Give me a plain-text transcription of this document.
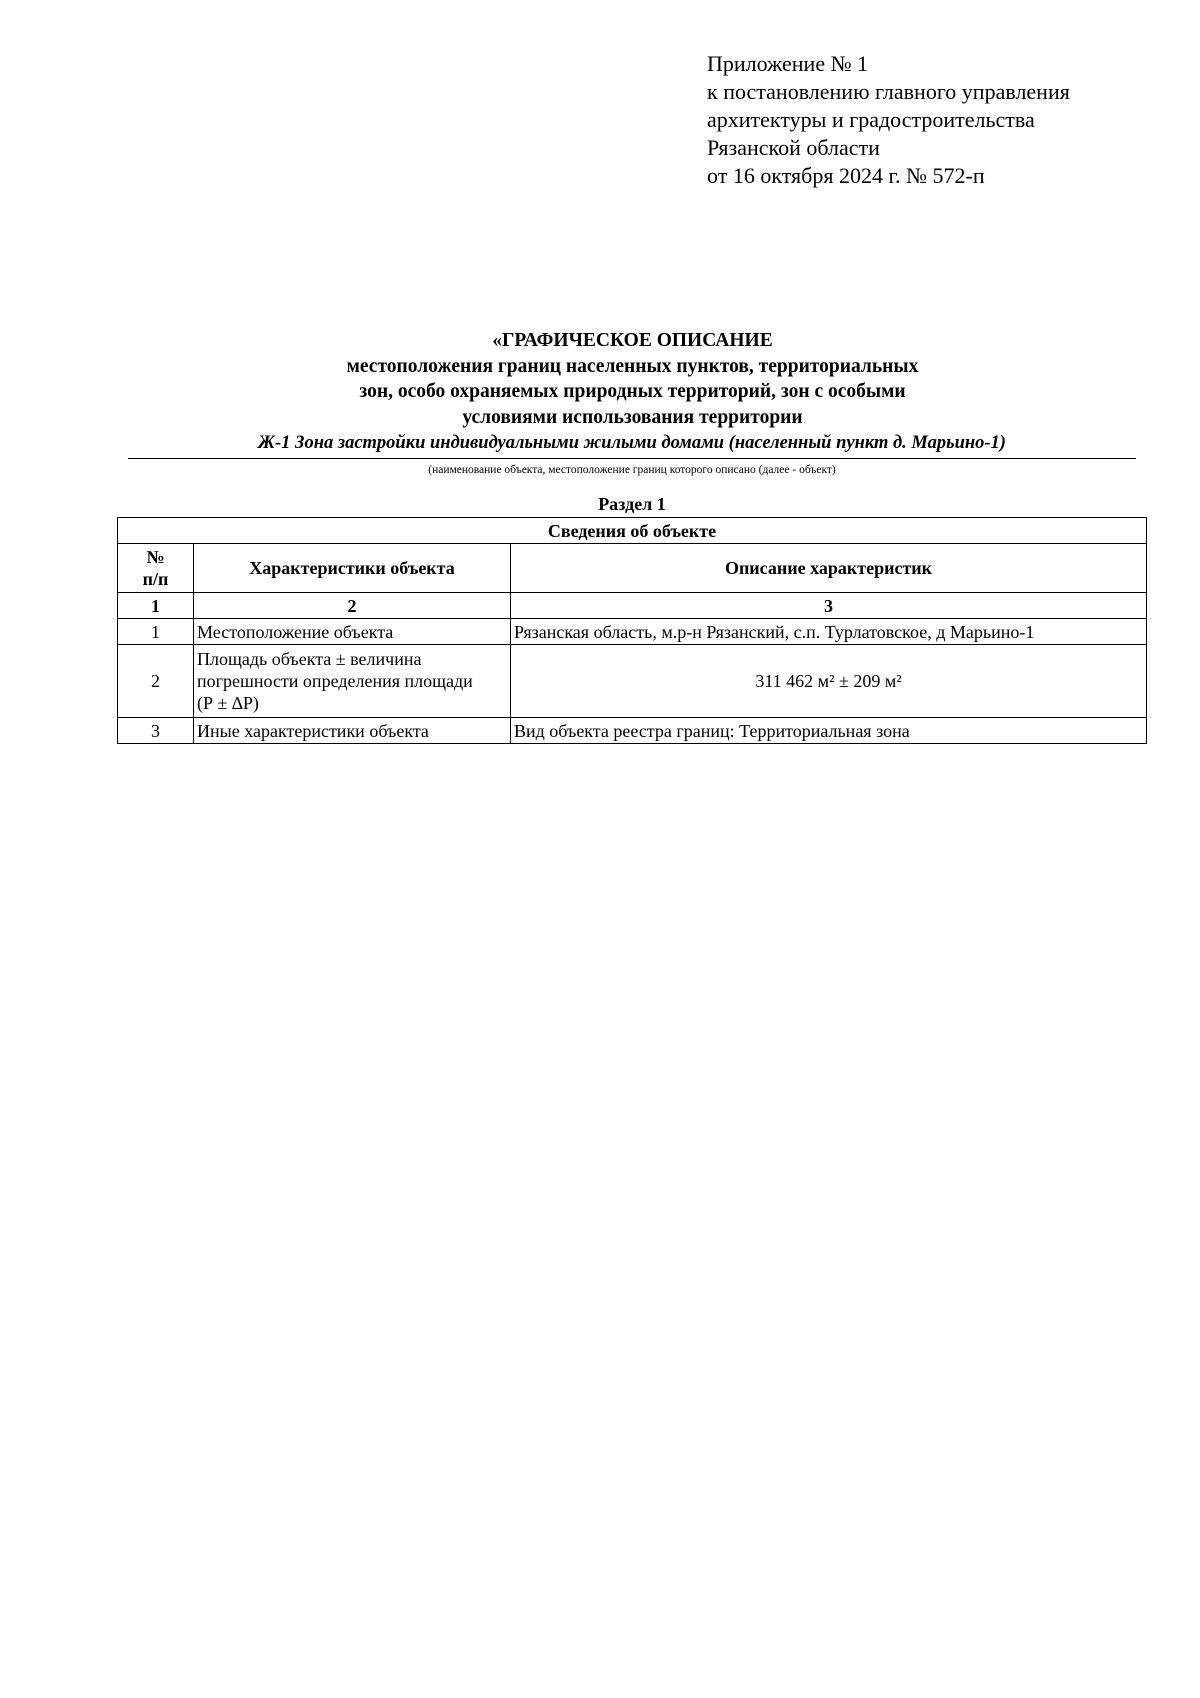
Приложение № 1
к постановлению главного управления
архитектуры и градостроительства
Рязанской области
от 16 октября 2024 г. № 572-п
«ГРАФИЧЕСКОЕ ОПИСАНИЕ
местоположения границ населенных пунктов, территориальных
зон, особо охраняемых природных территорий, зон с особыми
условиями использования территории
Ж-1 Зона застройки индивидуальными жилыми домами (населенный пункт д. Марьино-1)
(наименование объекта, местоположение границ которого описано (далее - объект)
Раздел 1
Сведения об объекте		
№
п/п	Характеристики объекта	Описание характеристик
1	2	3
1	Местоположение объекта	Рязанская область, м.р-н Рязанский, с.п. Турлатовское, д Марьино-1
2	Площадь объекта ± величина
погрешности определения площади
(Р ± ∆Р)	311 462 м² ± 209 м²
3	Иные характеристики объекта	Вид объекта реестра границ: Территориальная зона
